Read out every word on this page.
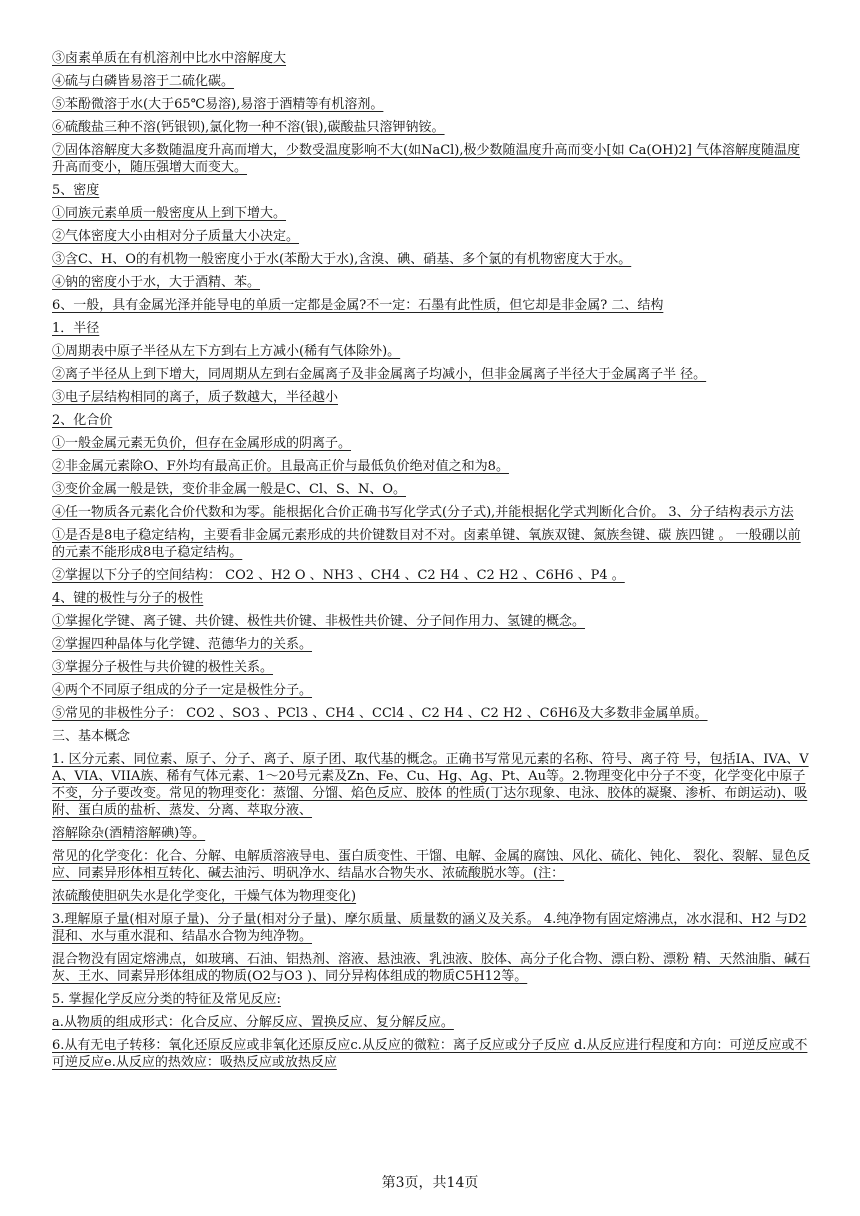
③卤素单质在有机溶剂中比水中溶解度大
④硫与白磷皆易溶于二硫化碳。
⑤苯酚微溶于水(大于65℃易溶),易溶于酒精等有机溶剂。
⑥硫酸盐三种不溶(钙银钡),氯化物一种不溶(银),碳酸盐只溶钾钠铵。
⑦固体溶解度大多数随温度升高而增大，少数受温度影响不大(如NaCl),极少数随温度升高而变小[如 Ca(OH)2] 气体溶解度随温度升高而变小，随压强增大而变大。
5、密度
①同族元素单质一般密度从上到下增大。
②气体密度大小由相对分子质量大小决定。
③含C、H、O的有机物一般密度小于水(苯酚大于水),含溴、碘、硝基、多个氯的有机物密度大于水。
④钠的密度小于水，大于酒精、苯。
6、一般，具有金属光泽并能导电的单质一定都是金属?不一定：石墨有此性质，但它却是非金属? 二、结构
1．半径
①周期表中原子半径从左下方到右上方减小(稀有气体除外)。
②离子半径从上到下增大，同周期从左到右金属离子及非金属离子均减小，但非金属离子半径大于金属离子半 径。
③电子层结构相同的离子，质子数越大，半径越小
2、化合价
①一般金属元素无负价，但存在金属形成的阴离子。
②非金属元素除O、F外均有最高正价。且最高正价与最低负价绝对值之和为8。
③变价金属一般是铁，变价非金属一般是C、Cl、S、N、O。
④任一物质各元素化合价代数和为零。能根据化合价正确书写化学式(分子式),并能根据化学式判断化合价。 3、分子结构表示方法
①是否是8电子稳定结构，主要看非金属元素形成的共价键数目对不对。卤素单键、氧族双键、氮族叁键、碳 族四键 。 一般硼以前的元素不能形成8电子稳定结构。
②掌握以下分子的空间结构： CO2 、H2 O 、NH3 、CH4 、C2 H4 、C2 H2 、C6H6 、P4 。
4、键的极性与分子的极性
①掌握化学键、离子键、共价键、极性共价键、非极性共价键、分子间作用力、氢键的概念。
②掌握四种晶体与化学键、范德华力的关系。
③掌握分子极性与共价键的极性关系。
④两个不同原子组成的分子一定是极性分子。
⑤常见的非极性分子： CO2 、SO3 、PCl3 、CH4 、CCl4 、C2 H4 、C2 H2 、C6H6及大多数非金属单质。
三、基本概念
1. 区分元素、同位素、原子、分子、离子、原子团、取代基的概念。正确书写常见元素的名称、符号、离子符 号，包括IA、IVA、VA、VIA、VIIA族、稀有气体元素、1～20号元素及Zn、Fe、Cu、Hg、Ag、Pt、Au等。2.物理变化中分子不变，化学变化中原子不变，分子要改变。常见的物理变化：蒸馏、分馏、焰色反应、胶体 的性质(丁达尔现象、电泳、胶体的凝聚、渗析、布朗运动)、吸附、蛋白质的盐析、蒸发、分离、萃取分液、
溶解除杂(酒精溶解碘)等。
常见的化学变化：化合、分解、电解质溶液导电、蛋白质变性、干馏、电解、金属的腐蚀、风化、硫化、钝化、 裂化、裂解、显色反应、同素异形体相互转化、碱去油污、明矾净水、结晶水合物失水、浓硫酸脱水等。(注：
浓硫酸使胆矾失水是化学变化，干燥气体为物理变化)
3.理解原子量(相对原子量)、分子量(相对分子量)、摩尔质量、质量数的涵义及关系。 4.纯净物有固定熔沸点，冰水混和、H2 与D2 混和、水与重水混和、结晶水合物为纯净物。
混合物没有固定熔沸点，如玻璃、石油、铝热剂、溶液、悬浊液、乳浊液、胶体、高分子化合物、漂白粉、漂粉 精、天然油脂、碱石灰、王水、同素异形体组成的物质(O2与O3 )、同分异构体组成的物质C5H12等。
5. 掌握化学反应分类的特征及常见反应:
a.从物质的组成形式：化合反应、分解反应、置换反应、复分解反应。
6.从有无电子转移：氧化还原反应或非氧化还原反应c.从反应的微粒：离子反应或分子反应 d.从反应进行程度和方向：可逆反应或不可逆反应e.从反应的热效应：吸热反应或放热反应
第3页，共14页
